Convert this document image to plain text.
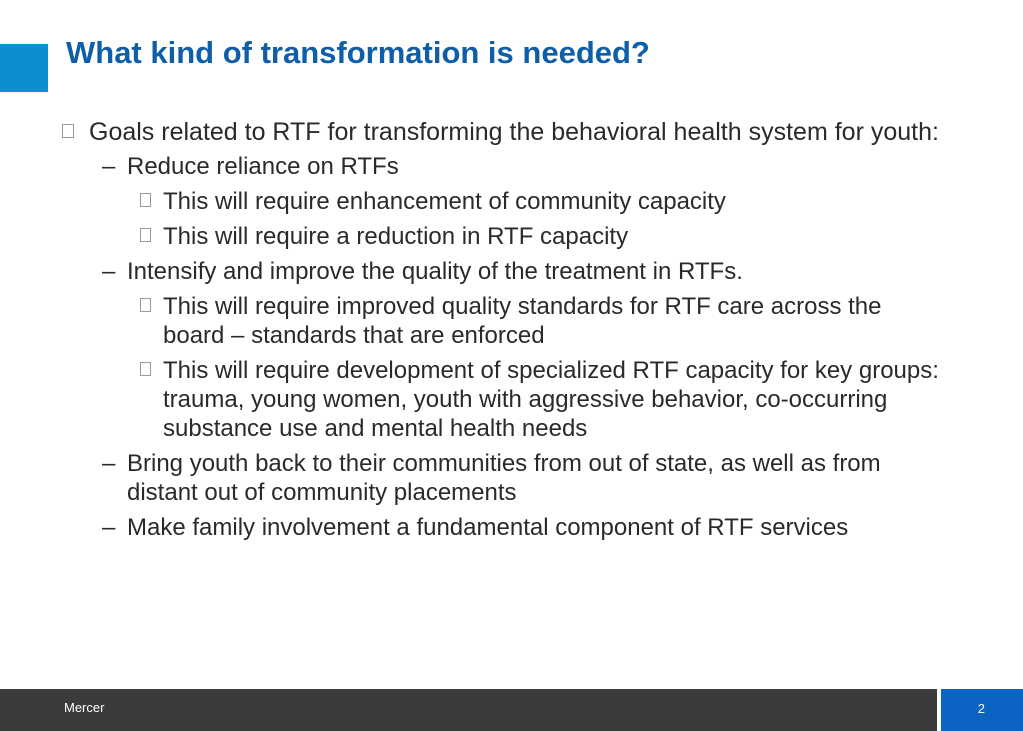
What kind of transformation is needed?
Goals related to RTF for transforming the behavioral health system for youth:
– Reduce reliance on RTFs
This will require enhancement of community capacity
This will require a reduction in RTF capacity
– Intensify and improve the quality of the treatment in RTFs.
This will require improved quality standards for RTF care across the board – standards that are enforced
This will require development of specialized RTF capacity for key groups: trauma, young women, youth with aggressive behavior, co-occurring substance use and mental health needs
– Bring youth back to their communities from out of state, as well as from distant out of community placements
– Make family involvement a fundamental component of RTF services
Mercer	2
